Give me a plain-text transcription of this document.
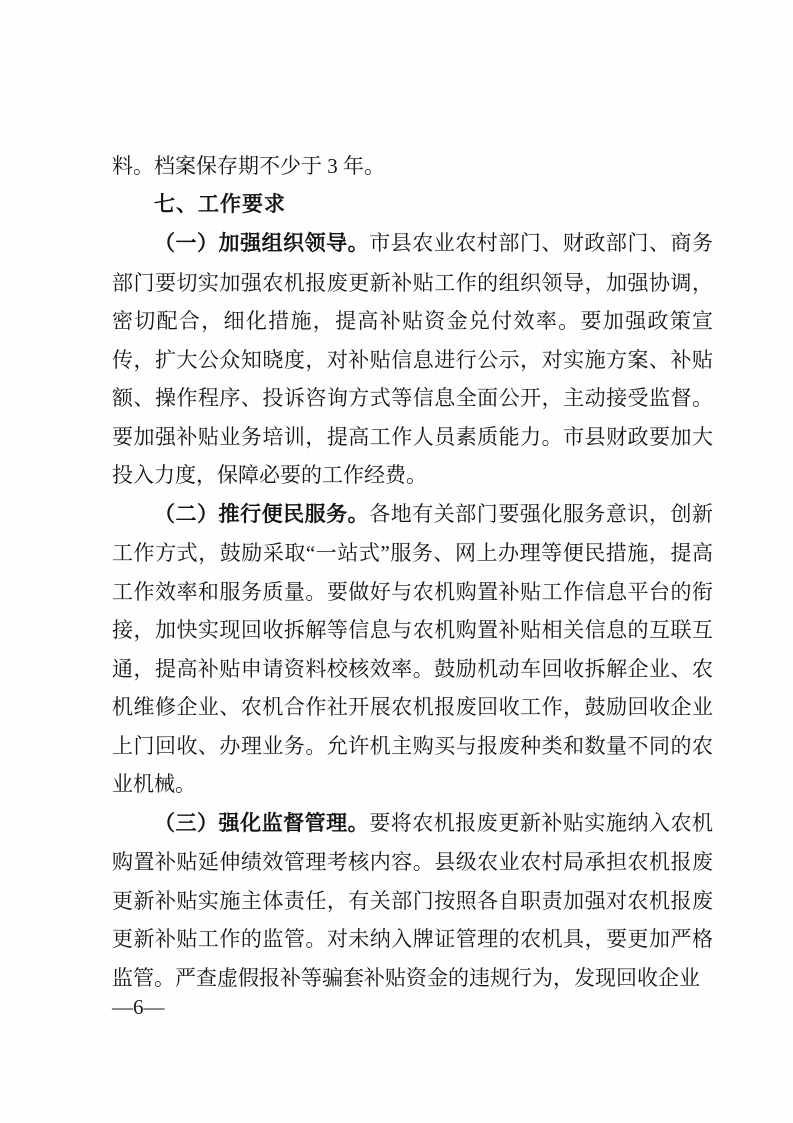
料。档案保存期不少于 3 年。

七、工作要求

（一）加强组织领导。市县农业农村部门、财政部门、商务部门要切实加强农机报废更新补贴工作的组织领导，加强协调，密切配合，细化措施，提高补贴资金兑付效率。要加强政策宣传，扩大公众知晓度，对补贴信息进行公示，对实施方案、补贴额、操作程序、投诉咨询方式等信息全面公开，主动接受监督。要加强补贴业务培训，提高工作人员素质能力。市县财政要加大投入力度，保障必要的工作经费。

（二）推行便民服务。各地有关部门要强化服务意识，创新工作方式，鼓励采取“一站式”服务、网上办理等便民措施，提高工作效率和服务质量。要做好与农机购置补贴工作信息平台的衔接，加快实现回收拆解等信息与农机购置补贴相关信息的互联互通，提高补贴申请资料校核效率。鼓励机动车回收拆解企业、农机维修企业、农机合作社开展农机报废回收工作，鼓励回收企业上门回收、办理业务。允许机主购买与报废种类和数量不同的农业机械。

（三）强化监督管理。要将农机报废更新补贴实施纳入农机购置补贴延伸绩效管理考核内容。县级农业农村局承担农机报废更新补贴实施主体责任，有关部门按照各自职责加强对农机报废更新补贴工作的监管。对未纳入牌证管理的农机具，要更加严格监管。严查虚假报补等骗套补贴资金的违规行为，发现回收企业

—6—
